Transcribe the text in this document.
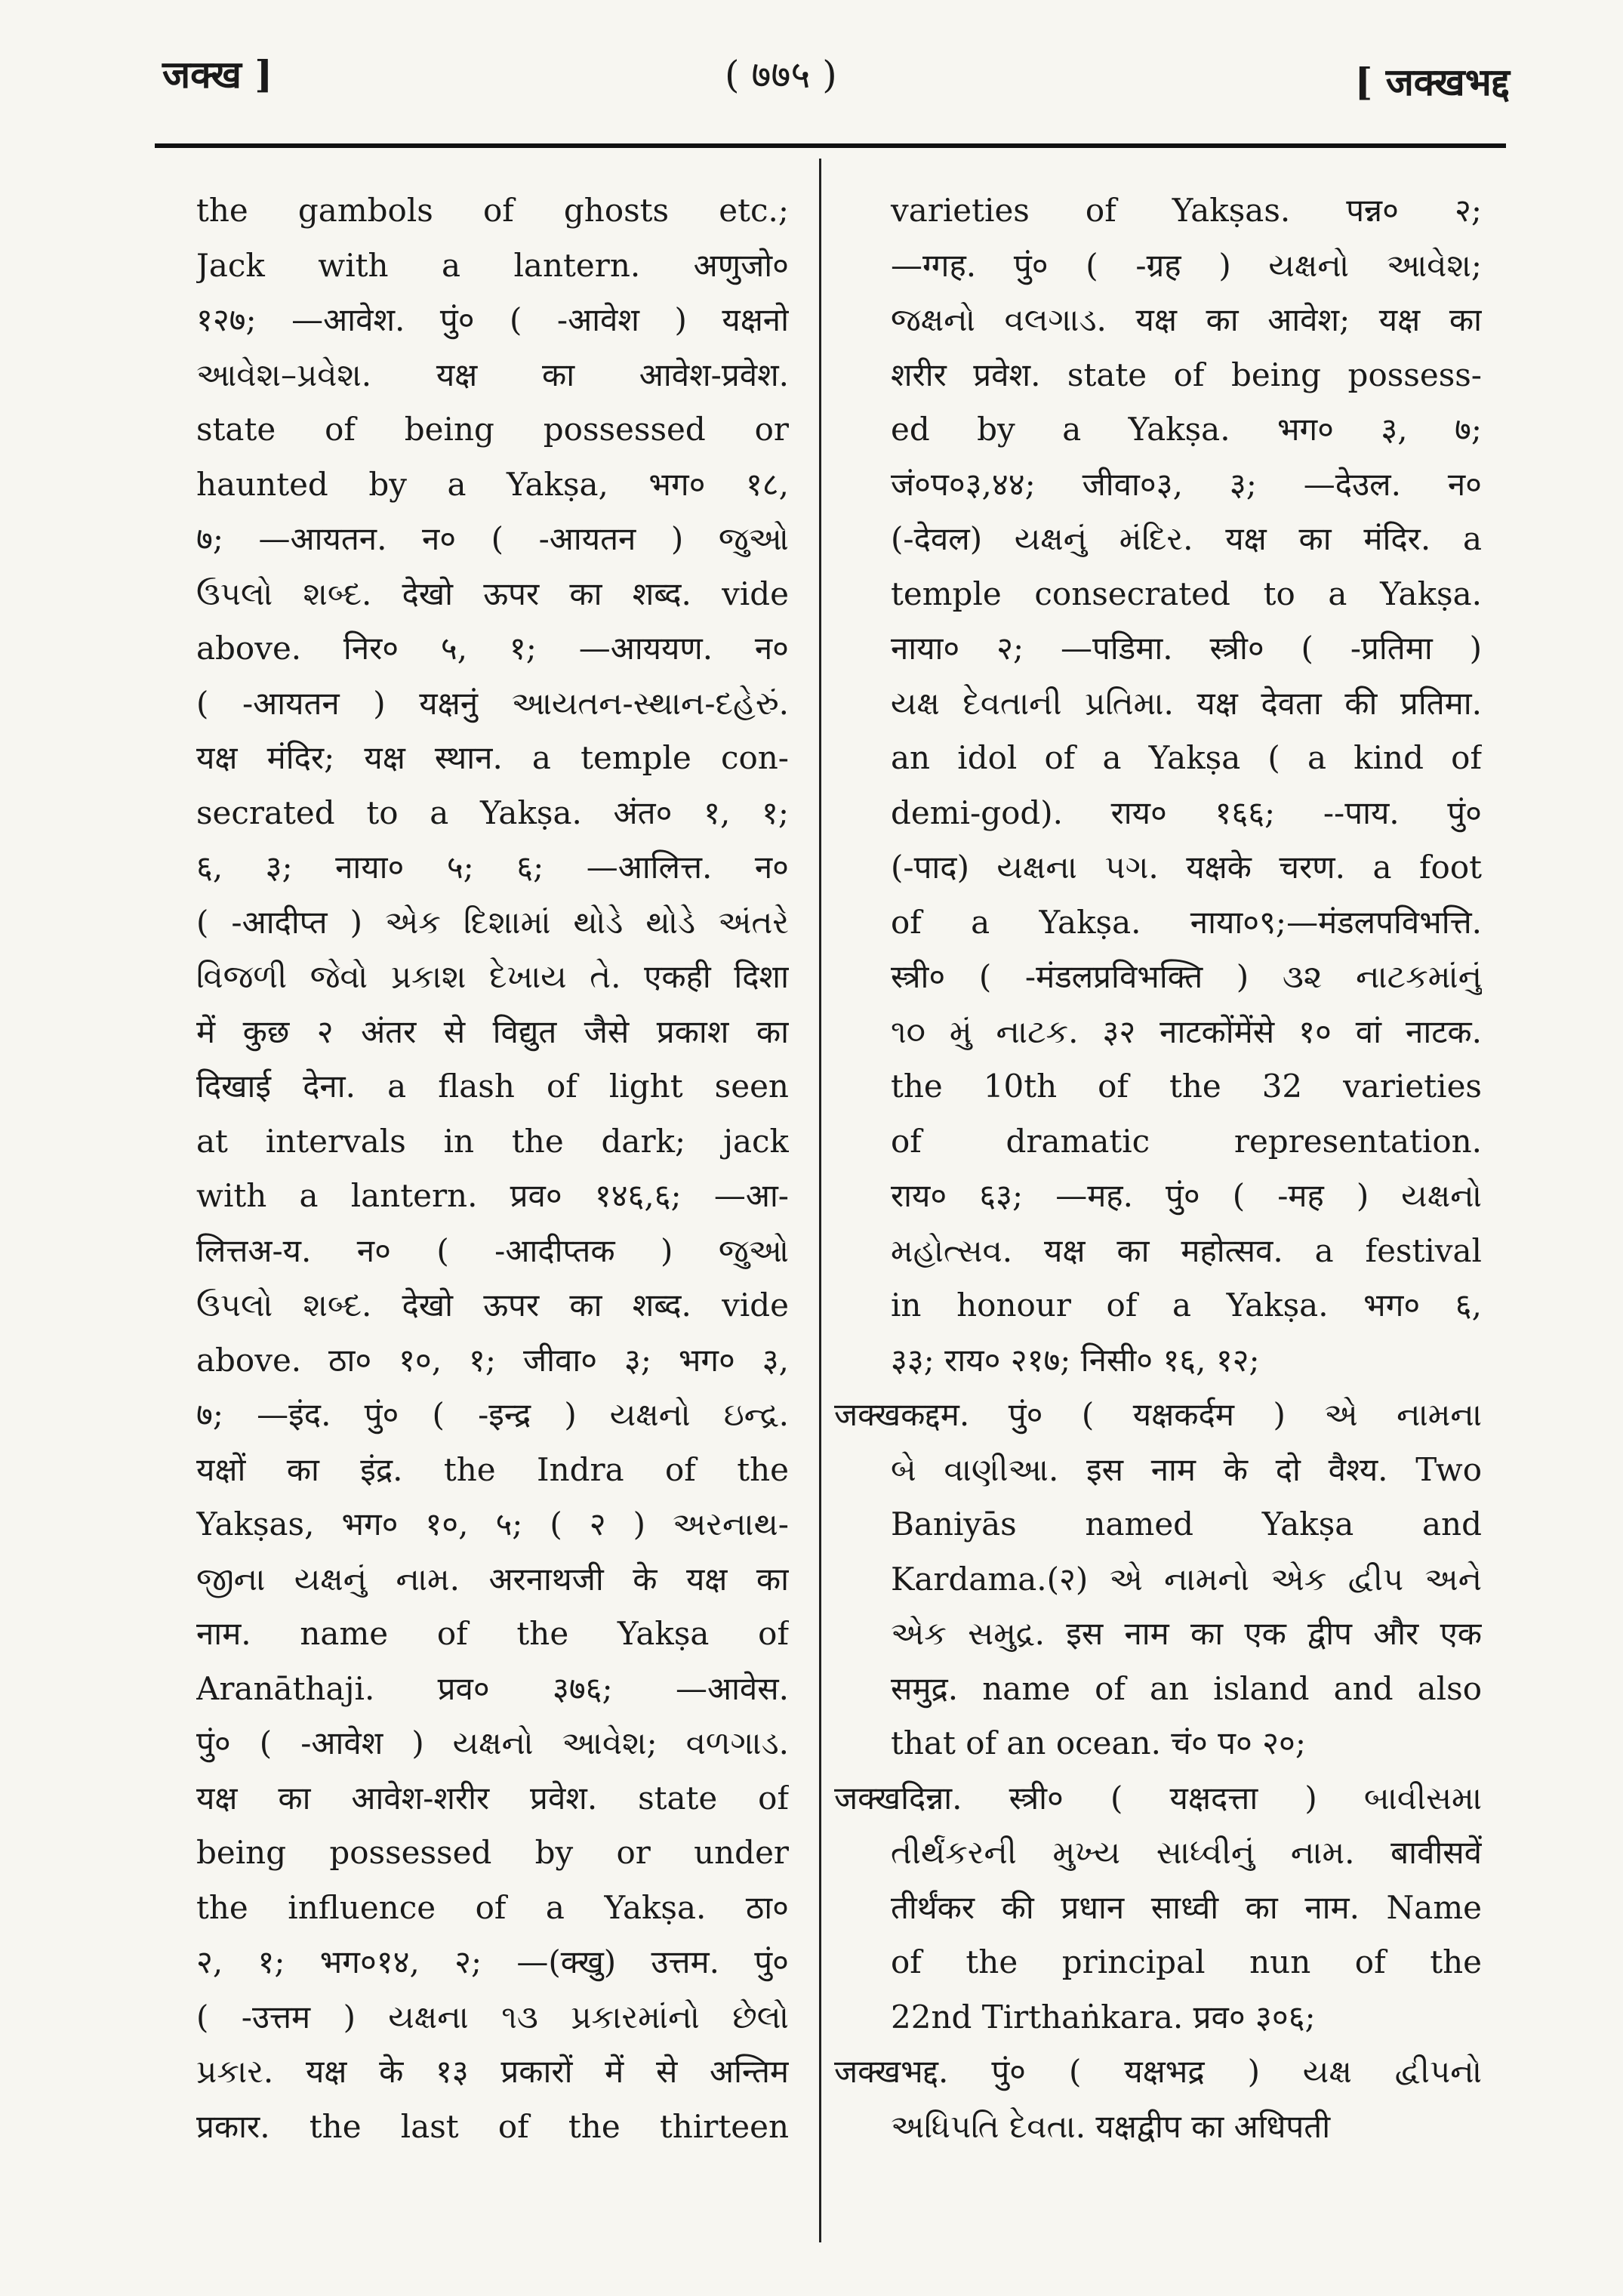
जक्ख ]	( ७७५ )	[ जक्खभद्द
the gambols of ghosts etc.;
Jack with a lantern. अणुजो०
१२७; —आवेश. पुं० ( -आवेश ) यक्षनो
આવેશ–પ્રવેશ. यक्ष का आवेश-प्रवेश.
state of being possessed or
haunted by a Yakṣa, भग० १८,
७; —आयतन. न० ( -आयतन ) જુઓ
ઉપલો શબ્દ. देखो ऊपर का शब्द. vide
above. निर० ५, १; —आययण. न०
( -आयतन ) यक्षनुं આયતન-સ્થાન-દહેરું.
यक्ष मंदिर; यक्ष स्थान. a temple con-
secrated to a Yakṣa. अंत० १, १;
६, ३; नाया० ५; ६; —आलित्त. न०
( -आदीप्त ) એક દિશામાં થોડે થોડે અંતરે
વિજળી જેવો પ્રકાશ દેખાય તે. एकही दिशा
में कुछ २ अंतर से विद्युत जैसे प्रकाश का
दिखाई देना. a flash of light seen
at intervals in the dark; jack
with a lantern. प्रव० १४६,६; —आ-
लित्तअ-य. न० ( -आदीप्तक ) જુઓ
ઉપલો શબ્દ. देखो ऊपर का शब्द. vide
above. ठा० १०, १; जीवा० ३; भग० ३,
७; —इंद. पुं० ( -इन्द्र ) યક્ષનો ઇન્દ્ર.
यक्षों का इंद्र. the Indra of the
Yakṣas, भग० १०, ५; ( २ ) અરનાથ-
જીના યક્ષનું નામ. अरनाथजी के यक्ष का
नाम. name of the Yakṣa of
Aranāthaji. प्रव० ३७६; —आवेस.
पुं० ( -आवेश ) યક્ષનો આવેશ; વળગાડ.
यक्ष का आवेश-शरीर प्रवेश. state of
being possessed by or under
the influence of a Yakṣa. ठा०
२, १; भग०१४, २; —(क्खु) उत्तम. पुं०
( -उत्तम ) યક્ષના ૧૩ પ્રકારમાંનો છેલો
પ્રકાર. यक्ष के १३ प्रकारों में से अन्तिम
प्रकार. the last of the thirteen
varieties of Yakṣas. पन्न० २;
—ग्गह. पुं० ( -ग्रह ) યક્ષનો આવેશ;
જક્ષનો વલગાડ. यक्ष का आवेश; यक्ष का
शरीर प्रवेश. state of being possess-
ed by a Yakṣa. भग० ३, ७;
जं०प०३,४४; जीवा०३, ३; —देउल. न०
(-देवल) યક્ષનું મંદિર. यक्ष का मंदिर. a
temple consecrated to a Yakṣa.
नाया० २; —पडिमा. स्त्री० ( -प्रतिमा )
યક્ષ દેવતાની પ્રતિમા. यक्ष देवता की प्रतिमा.
an idol of a Yakṣa ( a kind of
demi-god). राय० १६६; --पाय. पुं०
(-पाद) યક્ષના પગ. यक्षके चरण. a foot
of a Yakṣa. नाया०९;—मंडलपविभत्ति.
स्त्री० ( -मंडलप्रविभक्ति ) ૩૨ નાટકમાંનું
૧૦ મું નાટક. ३२ नाटकोंमेंसे १० वां नाटक.
the 10th of the 32 varieties
of dramatic representation.
राय० ६३; —मह. पुं० ( -मह ) યક્ષનો
મહોત્સવ. यक्ष का महोत्सव. a festival
in honour of a Yakṣa. भग० ६,
३३; राय० २१७; निसी० १६, १२;
जक्खकद्दम. पुं० ( यक्षकर्दम ) એ નામના
બે વાણીઆ. इस नाम के दो वैश्य. Two
Baniyās named Yakṣa and
Kardama.(२) એ નામનો એક દ્વીપ અને
એક સમુદ્ર. इस नाम का एक द्वीप और एक
समुद्र. name of an island and also
that of an ocean. चं० प० २०;
जक्खदिन्ना. स्त्री० ( यक्षदत्ता ) બાવીસમા
તીર્થંકરની મુખ્ય સાધ્વીનું નામ. बावीसवें
तीर्थंकर की प्रधान साध्वी का नाम. Name
of the principal nun of the
22nd Tirthaṅkara. प्रव० ३०६;
जक्खभद्द. पुं० ( यक्षभद्र ) યક્ષ દ્વીપનો
અધિપતિ દેવતા. यक्षद्वीप का अधिपती
